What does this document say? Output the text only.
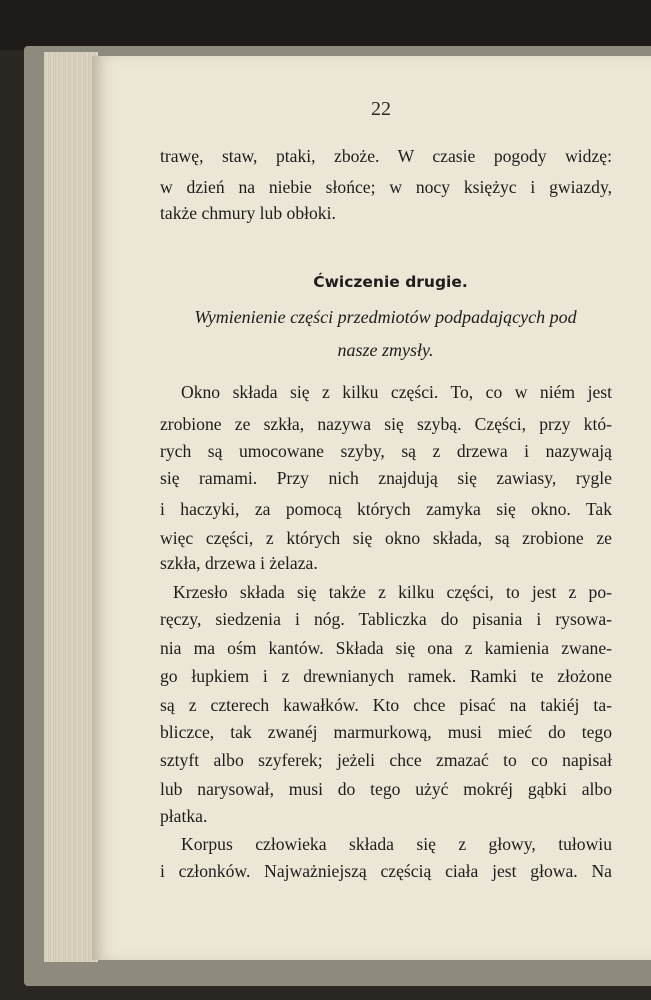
22
trawę, staw, ptaki, zboże. W czasie pogody widzę:
w dzień na niebie słońce; w nocy księżyc i gwiazdy,
także chmury lub obłoki.
Ćwiczenie drugie.
Wymienienie części przedmiotów podpadających pod
nasze zmysły.
Okno składa się z kilku części. To, co w niém jest
zrobione ze szkła, nazywa się szybą. Części, przy któ-
rych są umocowane szyby, są z drzewa i nazywają
się ramami. Przy nich znajdują się zawiasy, rygle
i haczyki, za pomocą których zamyka się okno. Tak
więc części, z których się okno składa, są zrobione ze
szkła, drzewa i żelaza.
Krzesło składa się także z kilku części, to jest z po-
ręczy, siedzenia i nóg. Tabliczka do pisania i rysowa-
nia ma ośm kantów. Składa się ona z kamienia zwane-
go łupkiem i z drewnianych ramek. Ramki te złożone
są z czterech kawałków. Kto chce pisać na takiéj ta-
bliczce, tak zwanéj marmurkową, musi mieć do tego
sztyft albo szyferek; jeżeli chce zmazać to co napisał
lub narysował, musi do tego użyć mokréj gąbki albo
płatka.
Korpus człowieka składa się z głowy, tułowiu
i członków. Najważniejszą częścią ciała jest głowa. Na
